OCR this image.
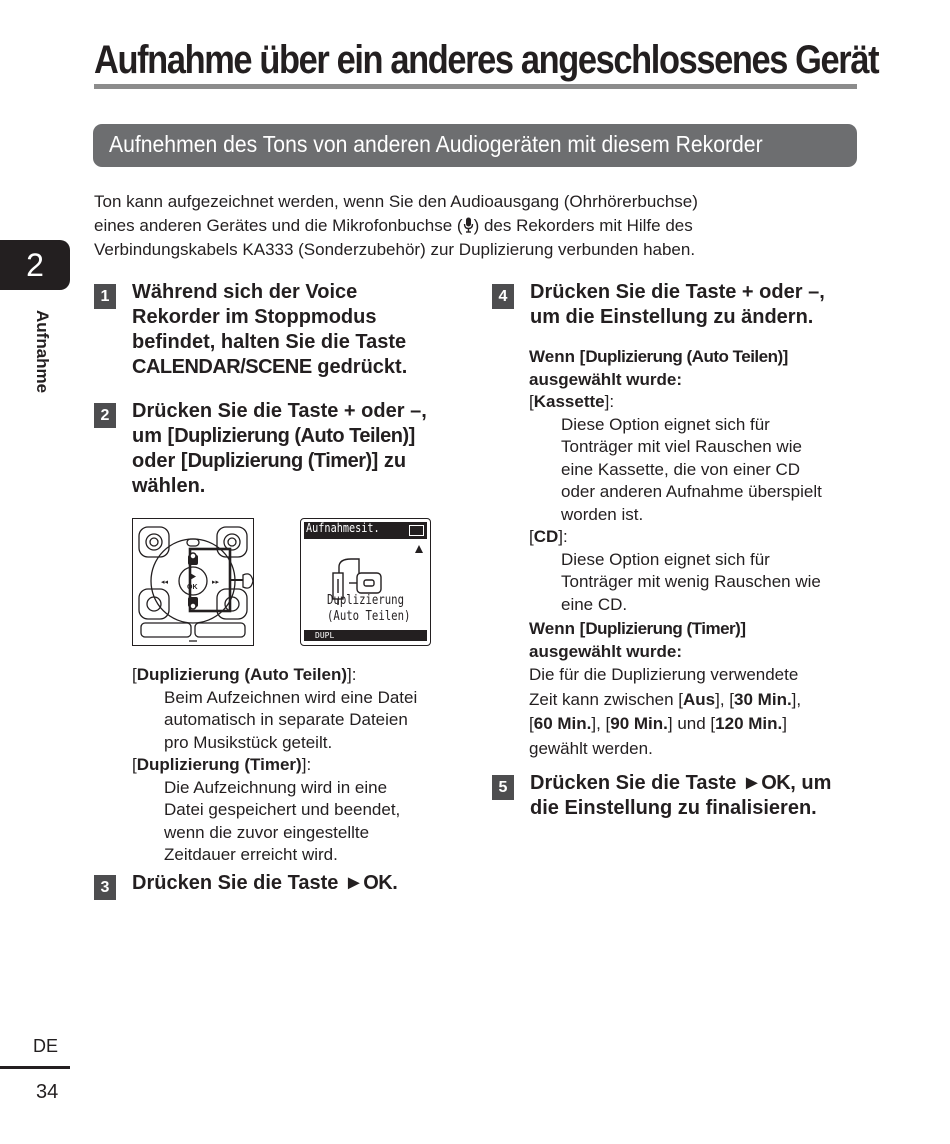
Aufnahme über ein anderes angeschlossenes Gerät
Aufnehmen des Tons von anderen Audiogeräten mit diesem Rekorder

Ton kann aufgezeichnet werden, wenn Sie den Audioausgang (Ohrhörerbuchse)
eines anderen Gerätes und die Mikrofonbuchse ( ) des Rekorders mit Hilfe des
Verbindungskabels KA333 (Sonderzubehör) zur Duplizierung verbunden haben.

2
Aufnahme
1	Während sich der Voice
Rekorder im Stoppmodus
befindet, halten Sie die Taste
CALENDAR/SCENE gedrückt.
2	Drücken Sie die Taste + oder –,
um [Duplizierung (Auto Teilen)]
oder [Duplizierung (Timer)] zu
wählen.
◂◂	▸▸
OK
Aufnahmesit.
Duplizierung
(Auto Teilen)
DUPL
[Duplizierung (Auto Teilen)]:
Beim Aufzeichnen wird eine Datei
automatisch in separate Dateien
pro Musikstück geteilt.
[Duplizierung (Timer)]:
Die Aufzeichnung wird in eine
Datei gespeichert und beendet,
wenn die zuvor eingestellte
Zeitdauer erreicht wird.
3	Drücken Sie die Taste ►OK.
4	Drücken Sie die Taste + oder –,
um die Einstellung zu ändern.
Wenn [Duplizierung (Auto Teilen)]
ausgewählt wurde:
[Kassette]:
Diese Option eignet sich für
Tonträger mit viel Rauschen wie
eine Kassette, die von einer CD
oder anderen Aufnahme überspielt
worden ist.
[CD]:
Diese Option eignet sich für
Tonträger mit wenig Rauschen wie
eine CD.
Wenn [Duplizierung (Timer)]
ausgewählt wurde:
Die für die Duplizierung verwendete
Zeit kann zwischen [Aus], [30 Min.],
[60 Min.], [90 Min.] und [120 Min.]
gewählt werden.
5	Drücken Sie die Taste ►OK, um
die Einstellung zu finalisieren.
DE
34
